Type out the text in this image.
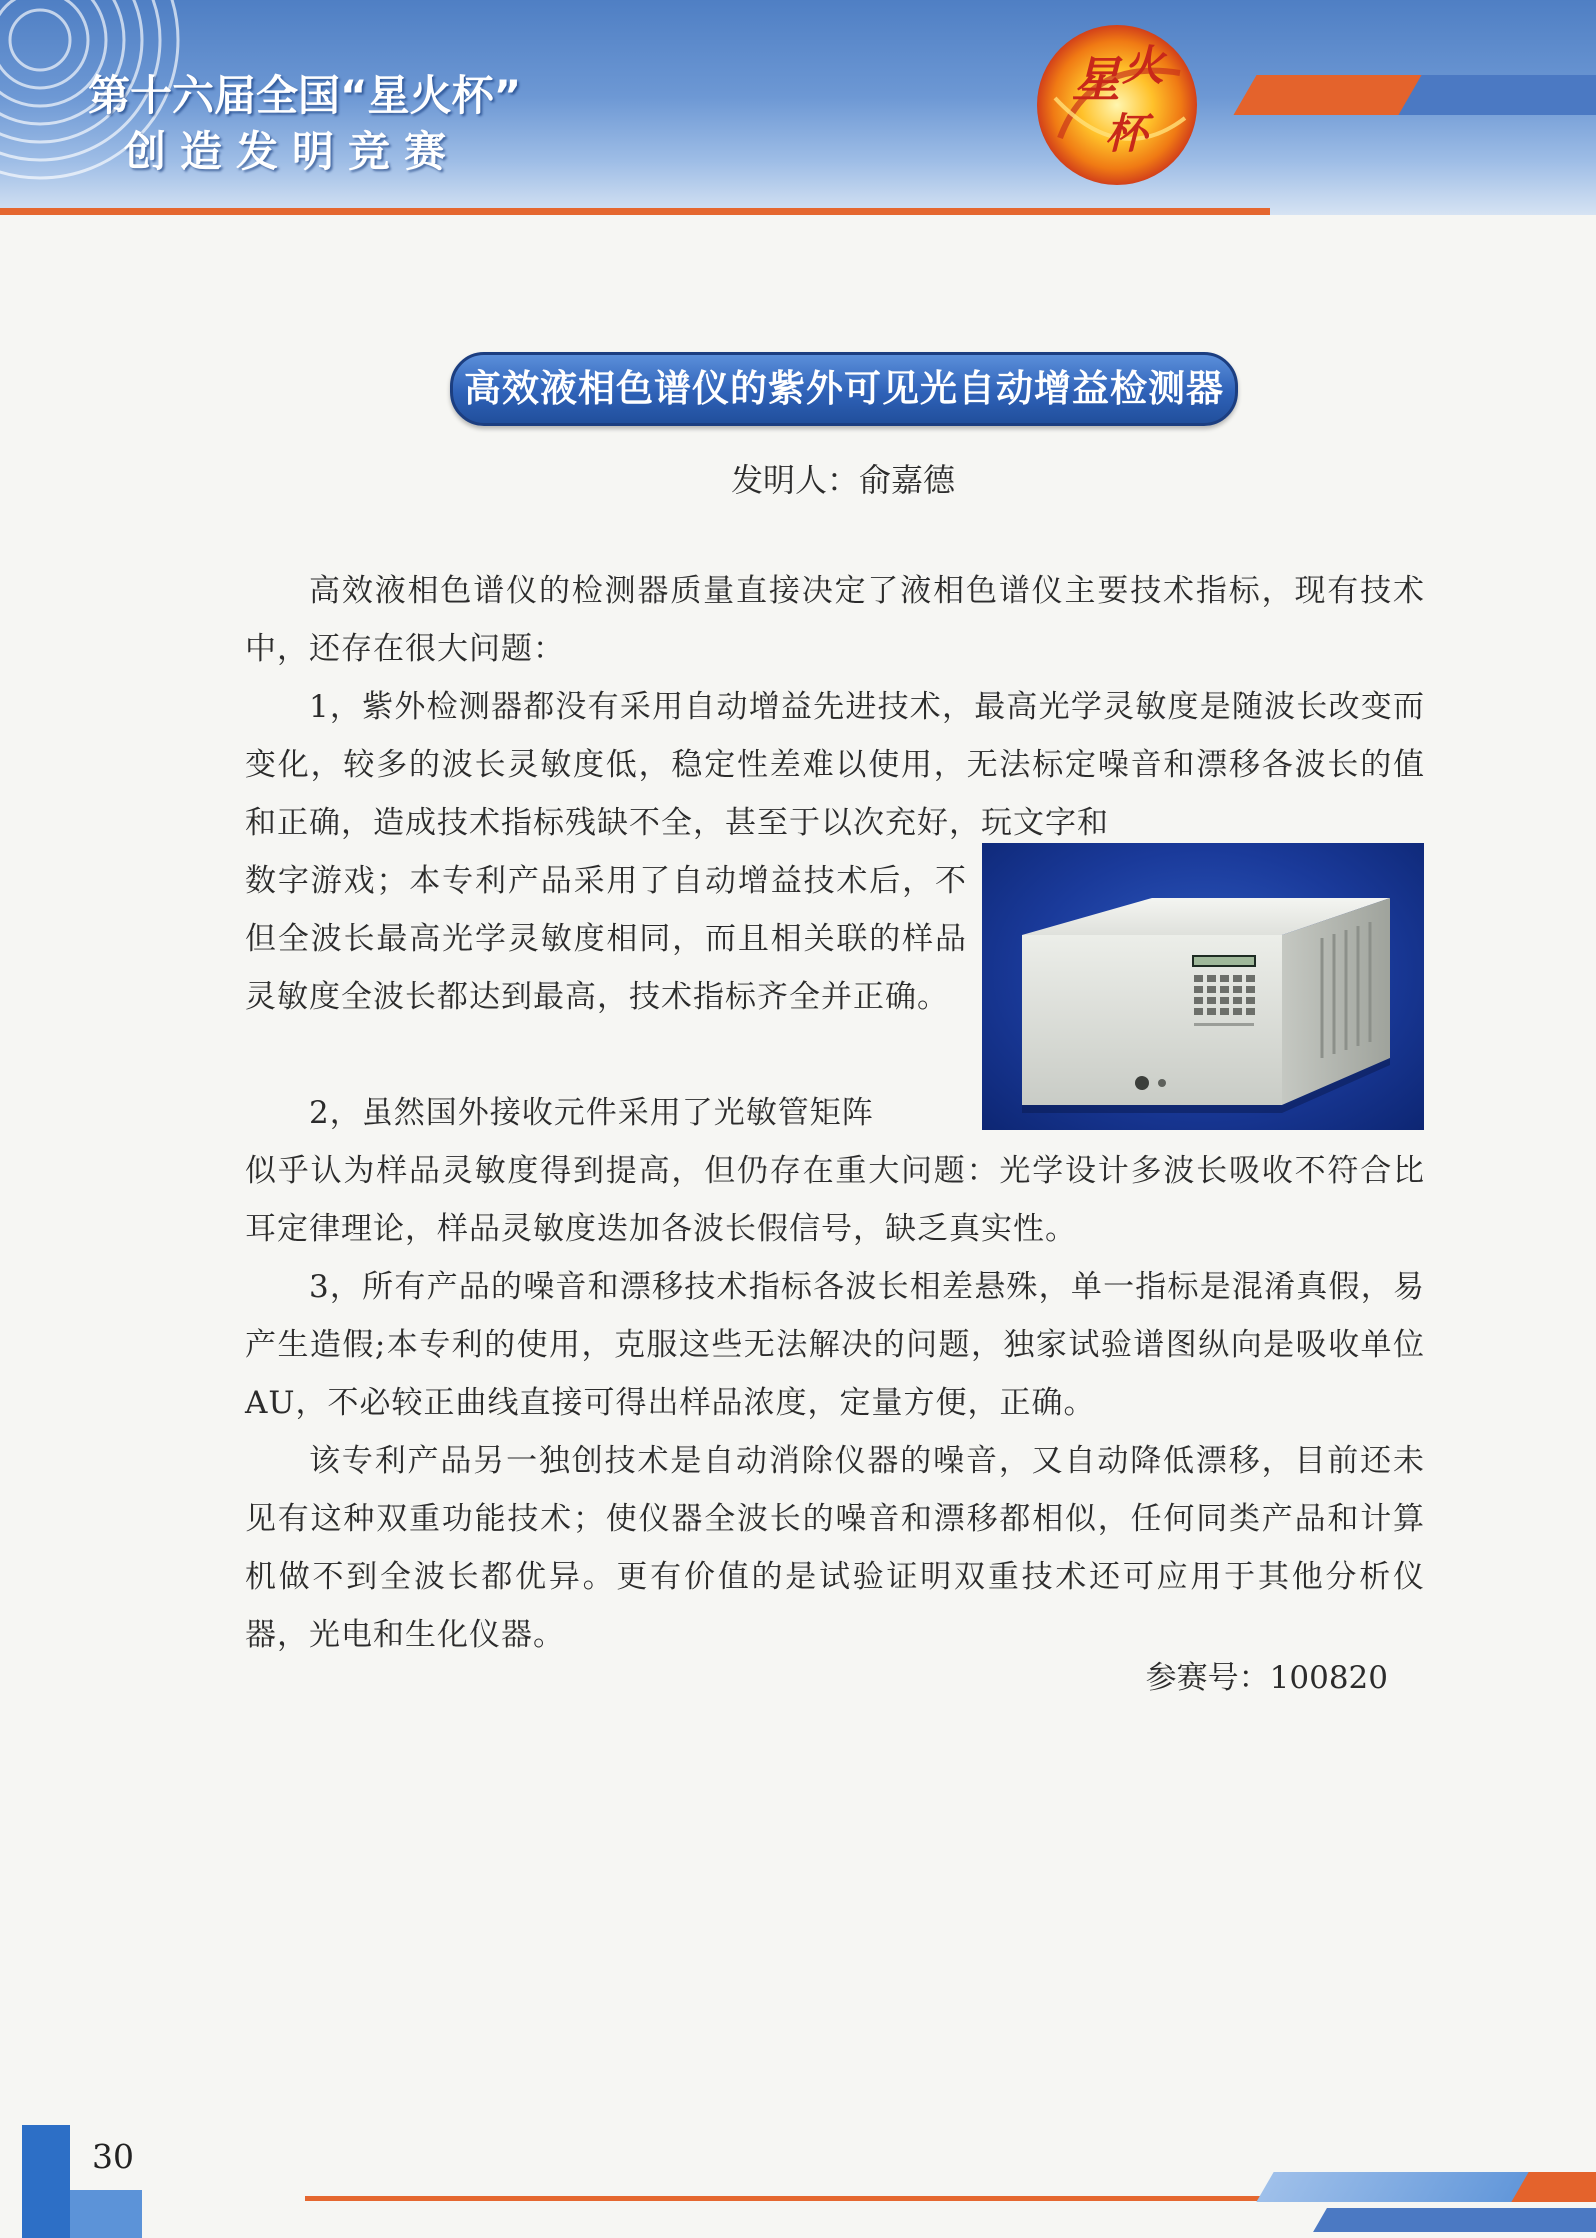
第十六届全国“星火杯”
创造发明竞赛
星 火
杯
高效液相色谱仪的紫外可见光自动增益检测器
发明人：俞嘉德

高效液相色谱仪的检测器质量直接决定了液相色谱仪主要技术指标，现有技术中，还存在很大问题：

1，紫外检测器都没有采用自动增益先进技术，最高光学灵敏度是随波长改变而变化，较多的波长灵敏度低，稳定性差难以使用，无法标定噪音和漂移各波长的值和正确，造成技术指标残缺不全，甚至于以次充好，玩文字和

数字游戏；本专利产品采用了自动增益技术后，不但全波长最高光学灵敏度相同，而且相关联的样品灵敏度全波长都达到最高，技术指标齐全并正确。

2，虽然国外接收元件采用了光敏管矩阵

似乎认为样品灵敏度得到提高，但仍存在重大问题：光学设计多波长吸收不符合比耳定律理论，样品灵敏度迭加各波长假信号，缺乏真实性。

3，所有产品的噪音和漂移技术指标各波长相差悬殊，单一指标是混淆真假，易产生造假;本专利的使用，克服这些无法解决的问题，独家试验谱图纵向是吸收单位AU，不必较正曲线直接可得出样品浓度，定量方便，正确。

该专利产品另一独创技术是自动消除仪器的噪音，又自动降低漂移，目前还未见有这种双重功能技术；使仪器全波长的噪音和漂移都相似，任何同类产品和计算机做不到全波长都优异。更有价值的是试验证明双重技术还可应用于其他分析仪器，光电和生化仪器。

参赛号：100820
30
